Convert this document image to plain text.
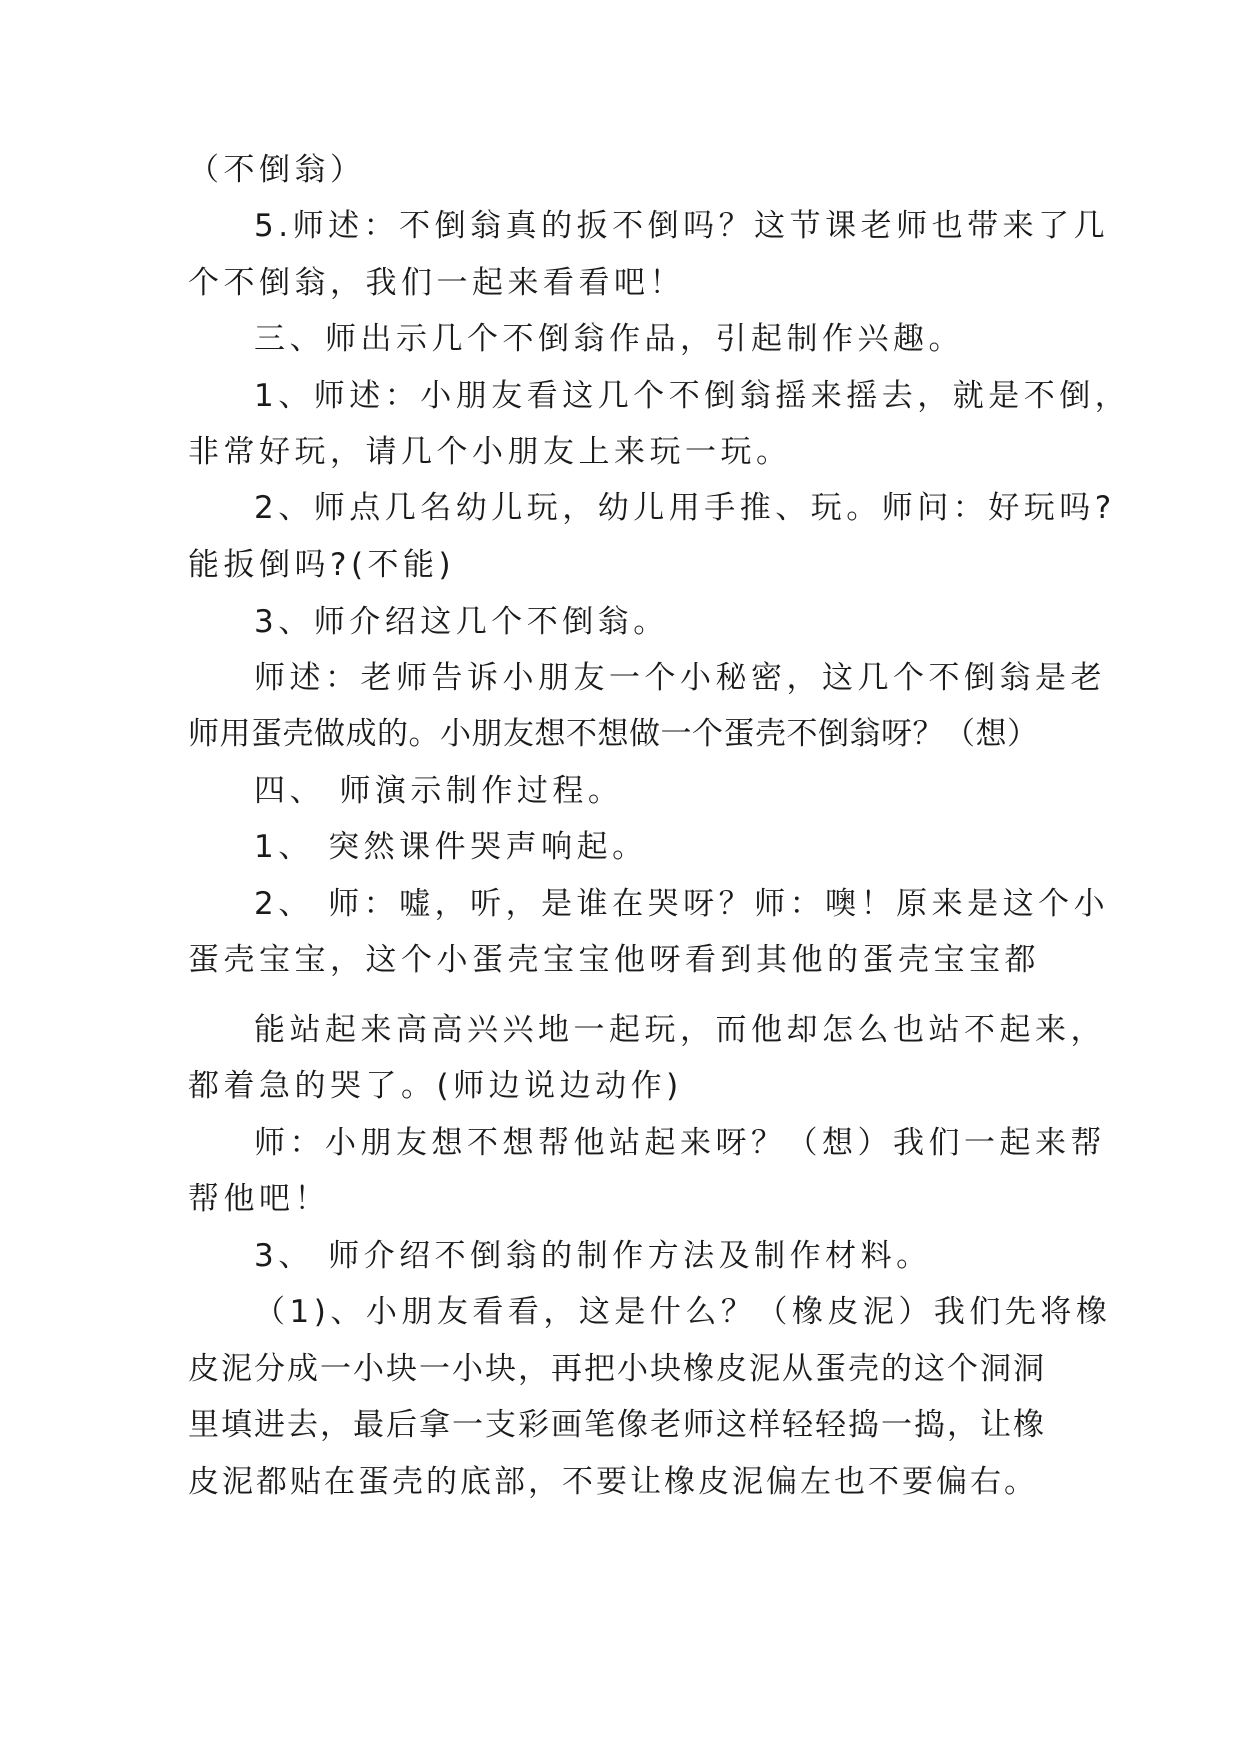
（不倒翁）
5.师述：不倒翁真的扳不倒吗？这节课老师也带来了几
个不倒翁，我们一起来看看吧！
三、师出示几个不倒翁作品，引起制作兴趣。
1、师述：小朋友看这几个不倒翁摇来摇去，就是不倒，
非常好玩，请几个小朋友上来玩一玩。
2、师点几名幼儿玩，幼儿用手推、玩。师问：好玩吗?
能扳倒吗?(不能)
3、师介绍这几个不倒翁。
师述：老师告诉小朋友一个小秘密，这几个不倒翁是老
师用蛋壳做成的。小朋友想不想做一个蛋壳不倒翁呀？（想）
四、 师演示制作过程。
1、 突然课件哭声响起。
2、 师：嘘，听，是谁在哭呀？师：噢！原来是这个小
蛋壳宝宝，这个小蛋壳宝宝他呀看到其他的蛋壳宝宝都
能站起来高高兴兴地一起玩，而他却怎么也站不起来，
都着急的哭了。(师边说边动作)
师：小朋友想不想帮他站起来呀？（想）我们一起来帮
帮他吧！
3、 师介绍不倒翁的制作方法及制作材料。
（1)、小朋友看看，这是什么？（橡皮泥）我们先将橡
皮泥分成一小块一小块，再把小块橡皮泥从蛋壳的这个洞洞
里填进去，最后拿一支彩画笔像老师这样轻轻捣一捣，让橡
皮泥都贴在蛋壳的底部，不要让橡皮泥偏左也不要偏右。
